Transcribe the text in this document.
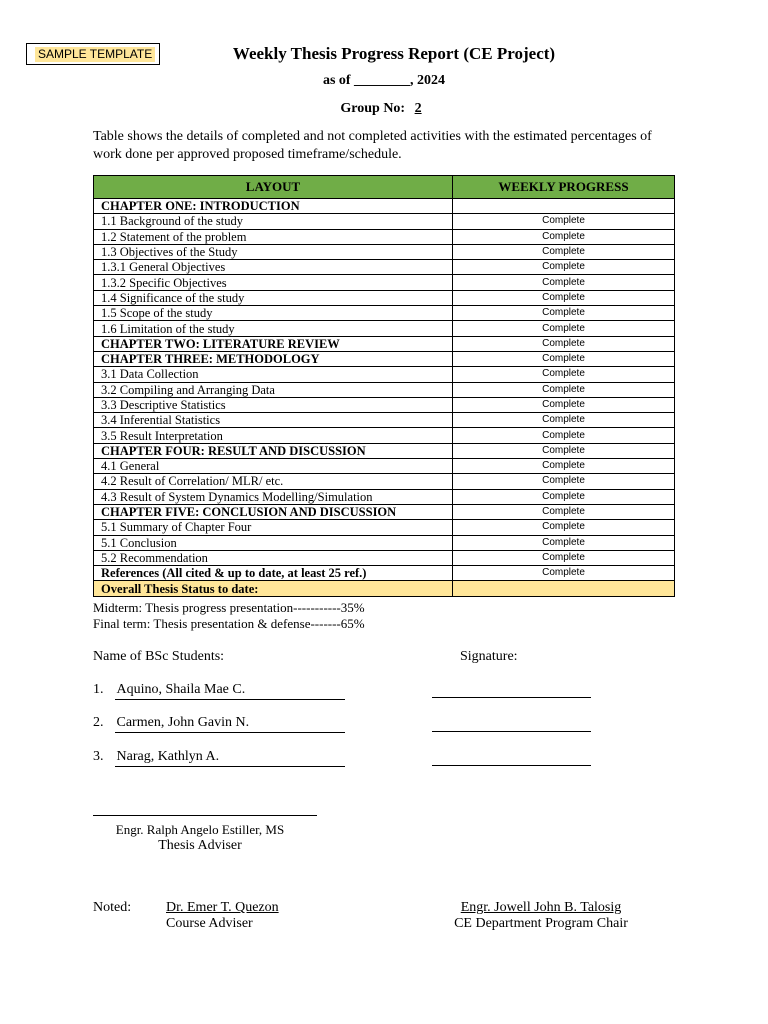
SAMPLE TEMPLATE	Weekly Thesis Progress Report (CE Project)
as of ________, 2024
Group No: 2
Table shows the details of completed and not completed activities with the estimated percentages of work done per approved proposed timeframe/schedule.
LAYOUT	WEEKLY PROGRESS
CHAPTER ONE: INTRODUCTION	
1.1 Background of the study	Complete
1.2 Statement of the problem	Complete
1.3 Objectives of the Study	Complete
1.3.1 General Objectives	Complete
1.3.2 Specific Objectives	Complete
1.4 Significance of the study	Complete
1.5 Scope of the study	Complete
1.6 Limitation of the study	Complete
CHAPTER TWO: LITERATURE REVIEW	Complete
CHAPTER THREE: METHODOLOGY	Complete
3.1 Data Collection	Complete
3.2 Compiling and Arranging Data	Complete
3.3 Descriptive Statistics	Complete
3.4 Inferential Statistics	Complete
3.5 Result Interpretation	Complete
CHAPTER FOUR: RESULT AND DISCUSSION	Complete
4.1 General	Complete
4.2 Result of Correlation/ MLR/ etc.	Complete
4.3 Result of System Dynamics Modelling/Simulation	Complete
CHAPTER FIVE: CONCLUSION AND DISCUSSION	Complete
5.1 Summary of Chapter Four	Complete
5.1 Conclusion	Complete
5.2 Recommendation	Complete
References (All cited & up to date, at least 25 ref.)	Complete
Overall Thesis Status to date:	
Midterm: Thesis progress presentation-----------35%
Final term: Thesis presentation & defense-------65%
Name of BSc Students:	Signature:
1. Aquino, Shaila Mae C.
2. Carmen, John Gavin N.
3. Narag, Kathlyn A.
Engr. Ralph Angelo Estiller, MS
Thesis Adviser
Noted: Dr. Emer T. Quezon
Course Adviser
Engr. Jowell John B. Talosig
CE Department Program Chair
